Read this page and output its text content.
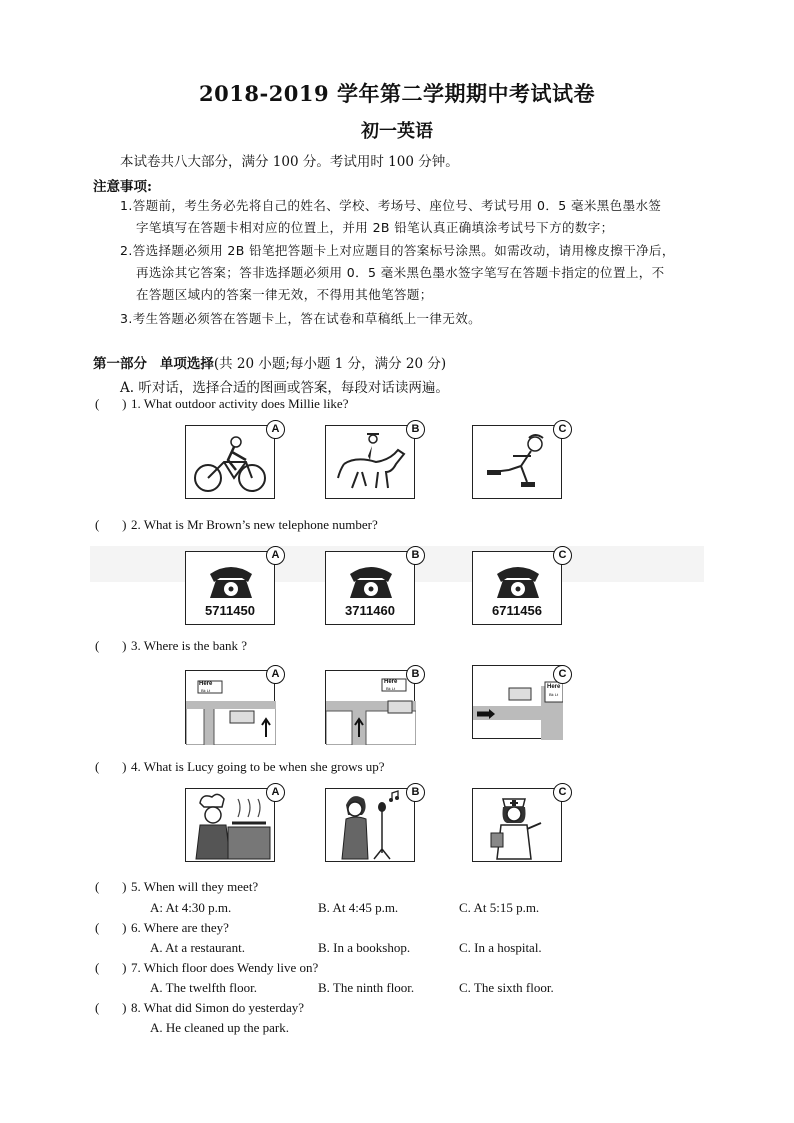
2018-2019 学年第二学期期中考试试卷
初一英语
本试卷共八大部分，满分 100 分。考试用时 100 分钟。
注意事项:
1.答题前，考生务必先将自己的姓名、学校、考场号、座位号、考试号用 0．5 毫米黑色墨水签
字笔填写在答题卡相对应的位置上，并用 2B 铅笔认真正确填涂考试号下方的数字；
2.答选择题必须用 2B 铅笔把答题卡上对应题目的答案标号涂黑。如需改动，请用橡皮擦干净后，
再选涂其它答案；答非选择题必须用 0．5 毫米黑色墨水签字笔写在答题卡指定的位置上，不
在答题区域内的答案一律无效，不得用其他笔答题；
3.考生答题必须答在答题卡上，答在试卷和草稿纸上一律无效。
第一部分 单项选择(共 20 小题;每小题 1 分，满分 20 分)
A. 听对话，选择合适的图画或答案，每段对话读两遍。
( ) 1. What outdoor activity does Millie like?
A	B	C
( ) 2. What is Mr Brown’s new telephone number?
5711450
A
3711460
B
6711456
C
( ) 3. Where is the bank ?
Here
Bk Lt
A
Here
Bk Lt
B
Here
Bk Lt
C
( ) 4. What is Lucy going to be when she grows up?
A	B	C
( ) 5. When will they meet?
A: At 4:30 p.m.	B. At 4:45 p.m.	C. At 5:15 p.m.
( ) 6. Where are they?
A. At a restaurant.	B. In a bookshop.	C. In a hospital.
( ) 7. Which floor does Wendy live on?
A. The twelfth floor.	B. The ninth floor.	C. The sixth floor.
( ) 8. What did Simon do yesterday?
A. He cleaned up the park.
